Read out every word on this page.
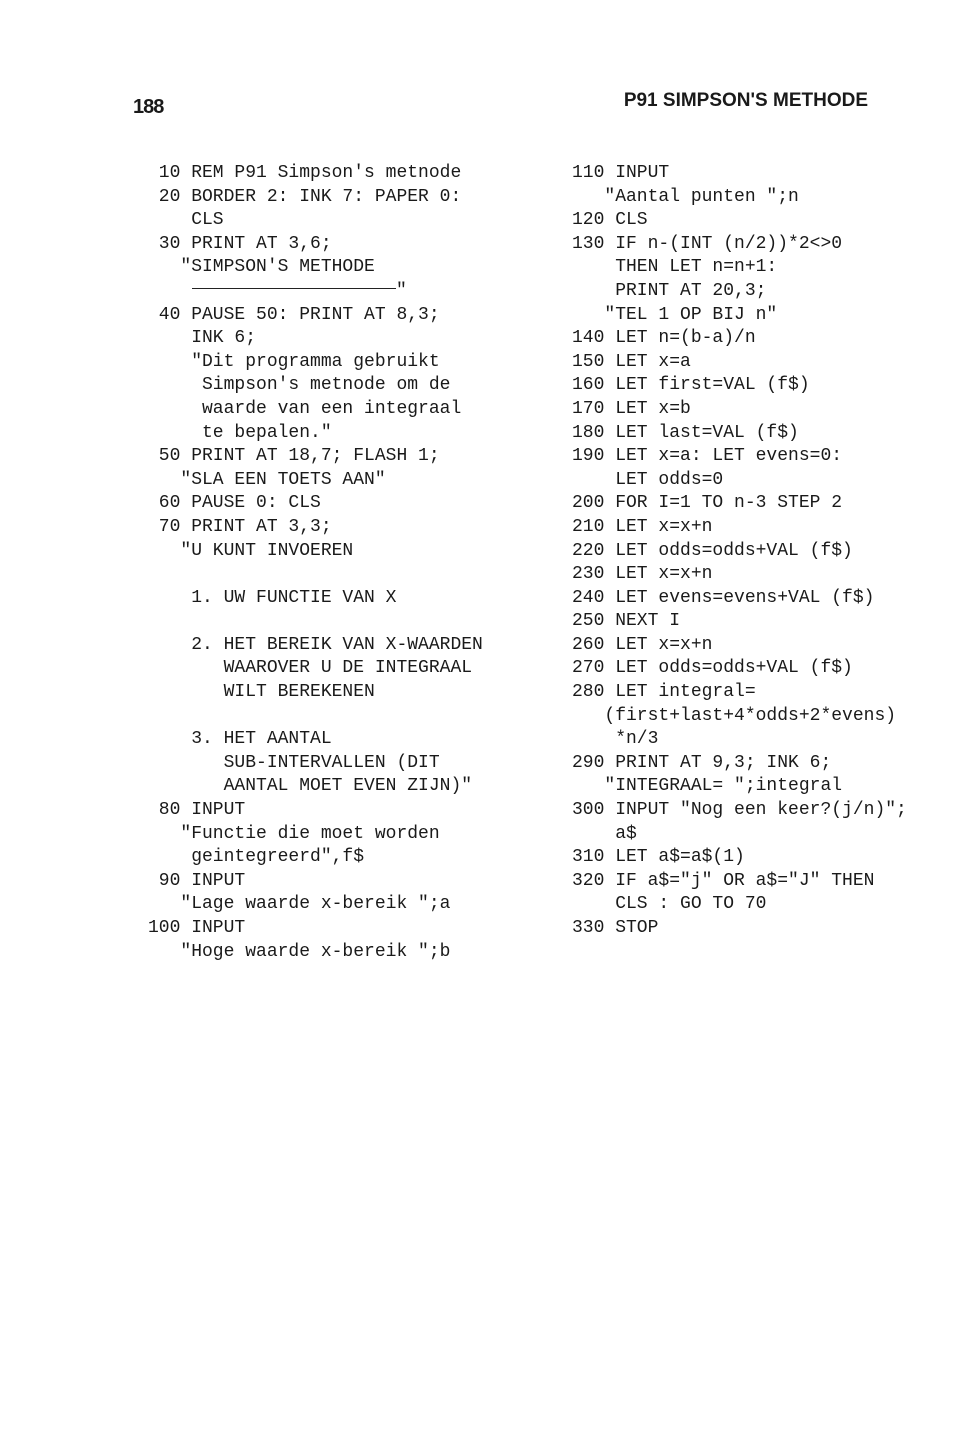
188	P91 SIMPSON'S METHODE
10 REM P91 Simpson's metnode
20 BORDER 2: INK 7: PAPER 0:
CLS
30 PRINT AT 3,6;
"SIMPSON'S METHODE
"
40 PAUSE 50: PRINT AT 8,3;
INK 6;
"Dit programma gebruikt
Simpson's metnode om de
waarde van een integraal
te bepalen."
50 PRINT AT 18,7; FLASH 1;
"SLA EEN TOETS AAN"
60 PAUSE 0: CLS
70 PRINT AT 3,3;
"U KUNT INVOEREN
1. UW FUNCTIE VAN X
2. HET BEREIK VAN X-WAARDEN
WAAROVER U DE INTEGRAAL
WILT BEREKENEN
3. HET AANTAL
SUB-INTERVALLEN (DIT
AANTAL MOET EVEN ZIJN)"
80 INPUT
"Functie die moet worden
geintegreerd",f$
90 INPUT
"Lage waarde x-bereik ";a
100 INPUT
"Hoge waarde x-bereik ";b
110 INPUT
"Aantal punten ";n
120 CLS
130 IF n-(INT (n/2))*2<>0
THEN LET n=n+1:
PRINT AT 20,3;
"TEL 1 OP BIJ n"
140 LET n=(b-a)/n
150 LET x=a
160 LET first=VAL (f$)
170 LET x=b
180 LET last=VAL (f$)
190 LET x=a: LET evens=0:
LET odds=0
200 FOR I=1 TO n-3 STEP 2
210 LET x=x+n
220 LET odds=odds+VAL (f$)
230 LET x=x+n
240 LET evens=evens+VAL (f$)
250 NEXT I
260 LET x=x+n
270 LET odds=odds+VAL (f$)
280 LET integral=
(first+last+4*odds+2*evens)
*n/3
290 PRINT AT 9,3; INK 6;
"INTEGRAAL= ";integral
300 INPUT "Nog een keer?(j/n)";
a$
310 LET a$=a$(1)
320 IF a$="j" OR a$="J" THEN
CLS : GO TO 70
330 STOP
